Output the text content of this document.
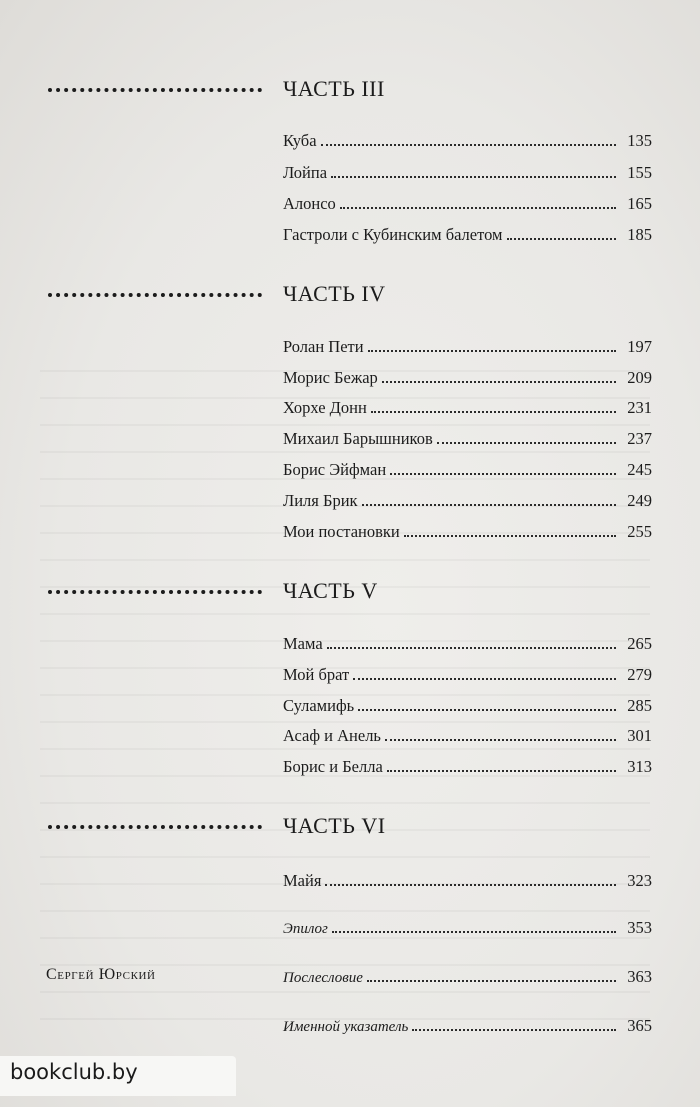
ЧАСТЬ III
Куба	135
Лойпа	155
Алонсо	165
Гастроли с Кубинским балетом	185
ЧАСТЬ IV
Ролан Пети	197
Морис Бежар	209
Хорхе Донн	231
Михаил Барышников	237
Борис Эйфман	245
Лиля Брик	249
Мои постановки	255
ЧАСТЬ V
Мама	265
Мой брат	279
Суламифь	285
Асаф и Анель	301
Борис и Белла	313
ЧАСТЬ VI
Майя	323
Эпилог	353
Послесловие	363
Именной указатель	365
Сергей Юрский
bookclub.by
